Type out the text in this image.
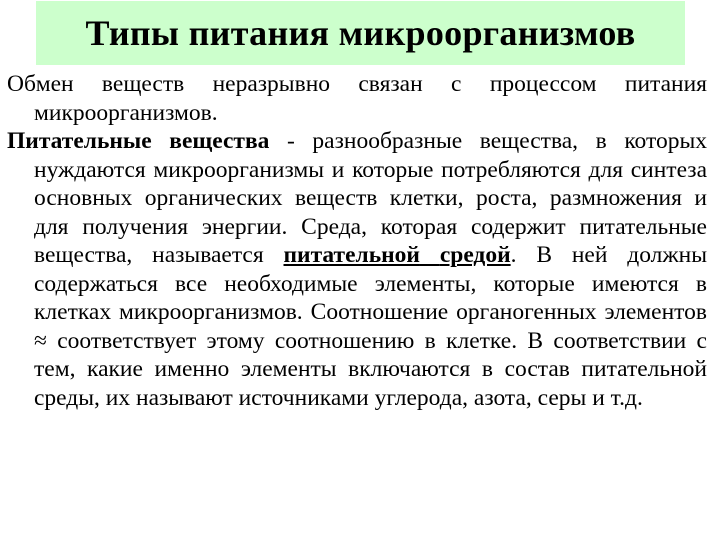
Типы питания микроорганизмов

Обмен веществ неразрывно связан с процессом питания микроорганизмов.

Питательные вещества - разнообразные вещества, в которых нуждаются микроорганизмы и которые потребляются для синтеза основных органических веществ клетки, роста, размножения и для получения энергии. Среда, которая содержит питательные вещества, называется питательной средой. В ней должны содержаться все необходимые элементы, которые имеются в клетках микроорганизмов. Соотношение органогенных элементов ≈ соответствует этому соотношению в клетке. В соответствии с тем, какие именно элементы включаются в состав питательной среды, их называют источниками углерода, азота, серы и т.д.
